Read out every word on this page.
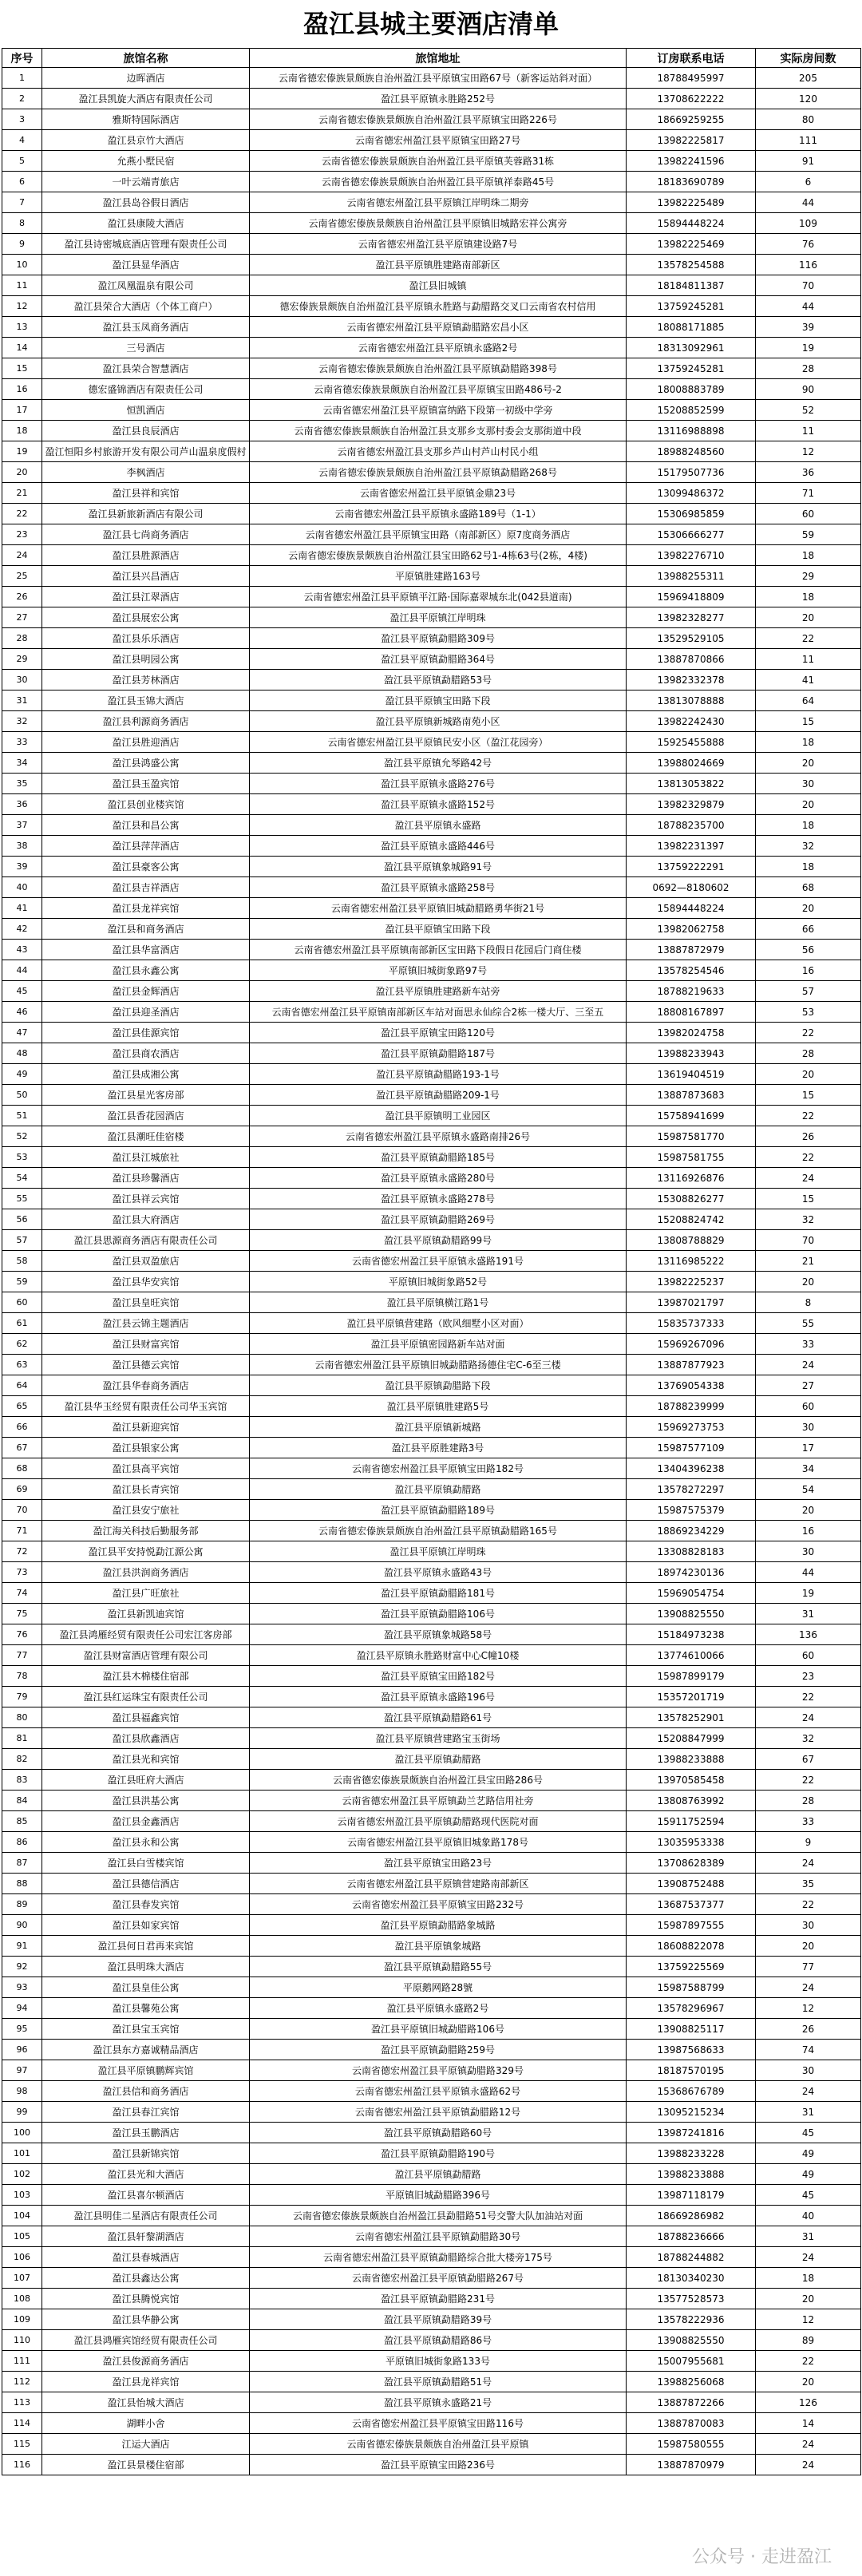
盈江县城主要酒店清单
序号	旅馆名称	旅馆地址	订房联系电话	实际房间数
1	边晖酒店	云南省德宏傣族景颇族自治州盈江县平原镇宝田路67号（新客运站斜对面）	18788495997	205
2	盈江县凯旋大酒店有限责任公司	盈江县平原镇永胜路252号	13708622222	120
3	雅斯特国际酒店	云南省德宏傣族景颇族自治州盈江县平原镇宝田路226号	18669259255	80
4	盈江县京竹大酒店	云南省德宏州盈江县平原镇宝田路27号	13982225817	111
5	允燕小墅民宿	云南省德宏傣族景颇族自治州盈江县平原镇芙蓉路31栋	13982241596	91
6	一叶云端青旅店	云南省德宏傣族景颇族自治州盈江县平原镇祥泰路45号	18183690789	6
7	盈江县岛谷假日酒店	云南省德宏州盈江县平原镇江岸明珠二期旁	13982225489	44
8	盈江县康陵大酒店	云南省德宏傣族景颇族自治州盈江县平原镇旧城路宏祥公寓旁	15894448224	109
9	盈江县诗密城底酒店管理有限责任公司	云南省德宏州盈江县平原镇建设路7号	13982225469	76
10	盈江县显华酒店	盈江县平原镇胜建路南部新区	13578254588	116
11	盈江凤凰温泉有限公司	盈江县旧城镇	18184811387	70
12	盈江县荣合大酒店（个体工商户）	德宏傣族景颇族自治州盈江县平原镇永胜路与勐腊路交叉口云南省农村信用	13759245281	44
13	盈江县玉凤商务酒店	云南省德宏州盈江县平原镇勐腊路宏昌小区	18088171885	39
14	三号酒店	云南省德宏州盈江县平原镇永盛路2号	18313092961	19
15	盈江县荣合智慧酒店	云南省德宏傣族景颇族自治州盈江县平原镇勐腊路398号	13759245281	28
16	德宏盛锦酒店有限责任公司	云南省德宏傣族景颇族自治州盈江县平原镇宝田路486号-2	18008883789	90
17	恒凯酒店	云南省德宏州盈江县平原镇富纳路下段第一初级中学旁	15208852599	52
18	盈江县良辰酒店	云南省德宏傣族景颇族自治州盈江县支那乡支那村委会支那街道中段	13116988898	11
19	盈江恒阳乡村旅游开发有限公司芦山温泉度假村	云南省德宏州盈江县支那乡芦山村芦山村民小组	18988248560	12
20	李枫酒店	云南省德宏傣族景颇族自治州盈江县平原镇勐腊路268号	15179507736	36
21	盈江县祥和宾馆	云南省德宏州盈江县平原镇金鼎23号	13099486372	71
22	盈江县新旅新酒店有限公司	云南省德宏州盈江县平原镇永盛路189号（1-1）	15306985859	60
23	盈江县七尚商务酒店	云南省德宏州盈江县平原镇宝田路（南部新区）原7度商务酒店	15306666277	59
24	盈江县胜源酒店	云南省德宏傣族景颇族自治州盈江县宝田路62号1-4栋63号(2栋，4楼)	13982276710	18
25	盈江县兴昌酒店	平原镇胜建路163号	13988255311	29
26	盈江县江翠酒店	云南省德宏州盈江县平原镇平江路·国际嘉翠城东北(042县道南)	15969418809	18
27	盈江县展宏公寓	盈江县平原镇江岸明珠	13982328277	20
28	盈江县乐乐酒店	盈江县平原镇勐腊路309号	13529529105	22
29	盈江县明园公寓	盈江县平原镇勐腊路364号	13887870866	11
30	盈江县芳林酒店	盈江县平原镇勐腊路53号	13982332378	41
31	盈江县玉锦大酒店	盈江县平原镇宝田路下段	13813078888	64
32	盈江县利源商务酒店	盈江县平原镇新城路南苑小区	13982242430	15
33	盈江县胜迎酒店	云南省德宏州盈江县平原镇民安小区（盈江花园旁）	15925455888	18
34	盈江县鸿盛公寓	盈江县平原镇允琴路42号	13988024669	20
35	盈江县玉盈宾馆	盈江县平原镇永盛路276号	13813053822	30
36	盈江县创业楼宾馆	盈江县平原镇永盛路152号	13982329879	20
37	盈江县和昌公寓	盈江县平原镇永盛路	18788235700	18
38	盈江县萍萍酒店	盈江县平原镇永盛路446号	13982231397	32
39	盈江县豪客公寓	盈江县平原镇象城路91号	13759222291	18
40	盈江县吉祥酒店	盈江县平原镇永盛路258号	0692—8180602	68
41	盈江县龙祥宾馆	云南省德宏州盈江县平原镇旧城勐腊路勇华街21号	15894448224	20
42	盈江县和商务酒店	盈江县平原镇宝田路下段	13982062758	66
43	盈江县华富酒店	云南省德宏州盈江县平原镇南部新区宝田路下段假日花园后门商住楼	13887872979	56
44	盈江县永鑫公寓	平原镇旧城街象路97号	13578254546	16
45	盈江县金辉酒店	盈江县平原镇胜建路新车站旁	18788219633	57
46	盈江县迎圣酒店	云南省德宏州盈江县平原镇南部新区车站对面思永仙综合2栋一楼大厅、三至五	18808167897	53
47	盈江县佳源宾馆	盈江县平原镇宝田路120号	13982024758	22
48	盈江县商农酒店	盈江县平原镇勐腊路187号	13988233943	28
49	盈江县成湘公寓	盈江县平原镇勐腊路193-1号	13619404519	20
50	盈江县星光客房部	盈江县平原镇勐腊路209-1号	13887873683	15
51	盈江县香花园酒店	盈江县平原镇明工业园区	15758941699	22
52	盈江县潮旺佳宿楼	云南省德宏州盈江县平原镇永盛路南排26号	15987581770	26
53	盈江县江城旅社	盈江县平原镇勐腊路185号	15987581755	22
54	盈江县珍馨酒店	盈江县平原镇永盛路280号	13116926876	24
55	盈江县祥云宾馆	盈江县平原镇永盛路278号	15308826277	15
56	盈江县大府酒店	盈江县平原镇勐腊路269号	15208824742	32
57	盈江县思源商务酒店有限责任公司	盈江县平原镇勐腊路99号	13808788829	70
58	盈江县双盈旅店	云南省德宏州盈江县平原镇永盛路191号	13116985222	21
59	盈江县华安宾馆	平原镇旧城街象路52号	13982225237	20
60	盈江县皇旺宾馆	盈江县平原镇横江路1号	13987021797	8
61	盈江县云锦主题酒店	盈江县平原镇营建路（欧风细墅小区对面）	15835737333	55
62	盈江县财富宾馆	盈江县平原镇密园路新车站对面	15969267096	33
63	盈江县德云宾馆	云南省德宏州盈江县平原镇旧城勐腊路扬德住宅C-6至三楼	13887877923	24
64	盈江县华春商务酒店	盈江县平原镇勐腊路下段	13769054338	27
65	盈江县华玉经贸有限责任公司华玉宾馆	盈江县平原镇胜建路5号	18788239999	60
66	盈江县新迎宾馆	盈江县平原镇新城路	15969273753	30
67	盈江县银家公寓	盈江县平原胜建路3号	15987577109	17
68	盈江县高平宾馆	云南省德宏州盈江县平原镇宝田路182号	13404396238	34
69	盈江县长青宾馆	盈江县平原镇勐腊路	13578272297	54
70	盈江县安宁旅社	盈江县平原镇勐腊路189号	15987575379	20
71	盈江海关科技后勤服务部	云南省德宏傣族景颇族自治州盈江县平原镇勐腊路165号	18869234229	16
72	盈江县平安持悦勐江源公寓	盈江县平原镇江岸明珠	13308828183	30
73	盈江县洪润商务酒店	盈江县平原镇永盛路43号	18974230136	44
74	盈江县广旺旅社	盈江县平原镇勐腊路181号	15969054754	19
75	盈江县新凯迪宾馆	盈江县平原镇勐腊路106号	13908825550	31
76	盈江县鸿雁经贸有限责任公司宏江客房部	盈江县平原镇象城路58号	15184973238	136
77	盈江县财富酒店管理有限公司	盈江县平原镇永胜路财富中心C幢10楼	13774610066	60
78	盈江县木棉楼住宿部	盈江县平原镇宝田路182号	15987899179	23
79	盈江县红运珠宝有限责任公司	盈江县平原镇永盛路196号	15357201719	22
80	盈江县福鑫宾馆	盈江县平原镇勐腊路61号	13578252901	24
81	盈江县欣鑫酒店	盈江县平原镇营建路宝玉街场	15208847999	32
82	盈江县光和宾馆	盈江县平原镇勐腊路	13988233888	67
83	盈江县旺府大酒店	云南省德宏傣族景颇族自治州盈江县宝田路286号	13970585458	22
84	盈江县洪基公寓	云南省德宏州盈江县平原镇勐兰艺路信用社旁	13808763992	28
85	盈江县金鑫酒店	云南省德宏州盈江县平原镇勐腊路现代医院对面	15911752594	33
86	盈江县永和公寓	云南省德宏州盈江县平原镇旧城象路178号	13035953338	9
87	盈江县白雪楼宾馆	盈江县平原镇宝田路23号	13708628389	24
88	盈江县德信酒店	云南省德宏州盈江县平原镇营建路南部新区	13908752488	35
89	盈江县春发宾馆	云南省德宏州盈江县平原镇宝田路232号	13687537377	22
90	盈江县如家宾馆	盈江县平原镇勐腊路象城路	15987897555	30
91	盈江县何日君再来宾馆	盈江县平原镇象城路	18608822078	20
92	盈江县明珠大酒店	盈江县平原镇勐腊路55号	13759225569	77
93	盈江县皇佳公寓	平原鹅网路28號	15987588799	24
94	盈江县馨苑公寓	盈江县平原镇永盛路2号	13578296967	12
95	盈江县宝玉宾馆	盈江县平原镇旧城勐腊路106号	13908825117	26
96	盈江县东方嘉诚精品酒店	盈江县平原镇勐腊路259号	13987568633	74
97	盈江县平原镇鹏辉宾馆	云南省德宏州盈江县平原镇勐腊路329号	18187570195	30
98	盈江县信和商务酒店	云南省德宏州盈江县平原镇永盛路62号	15368676789	24
99	盈江县春江宾馆	云南省德宏州盈江县平原镇勐腊路12号	13095215234	31
100	盈江县玉鹏酒店	盈江县平原镇勐腊路60号	13987241816	45
101	盈江县新锦宾馆	盈江县平原镇勐腊路190号	13988233228	49
102	盈江县光和大酒店	盈江县平原镇勐腊路	13988233888	49
103	盈江县喜尔顿酒店	平原镇旧城勐腊路396号	13987118179	45
104	盈江县明佳二星酒店有限责任公司	云南省德宏傣族景颇族自治州盈江县勐腊路51号交警大队加油站对面	18669286982	40
105	盈江县轩黎湖酒店	云南省德宏州盈江县平原镇勐腊路30号	18788236666	31
106	盈江县春城酒店	云南省德宏州盈江县平原镇勐腊路综合批大楼旁175号	18788244882	24
107	盈江县鑫达公寓	云南省德宏州盈江县平原镇勐腊路267号	18130340230	18
108	盈江县腾悦宾馆	盈江县平原镇勐腊路231号	13577528573	20
109	盈江县华静公寓	盈江县平原镇勐腊路39号	13578222936	12
110	盈江县鸿雁宾馆经贸有限责任公司	盈江县平原镇勐腊路86号	13908825550	89
111	盈江县俊源商务酒店	平原镇旧城街象路133号	15007955681	22
112	盈江县龙祥宾馆	盈江县平原镇勐腊路51号	13988256068	20
113	盈江县怡城大酒店	盈江县平原镇永盛路21号	13887872266	126
114	湖畔小舍	云南省德宏州盈江县平原镇宝田路116号	13887870083	14
115	江运大酒店	云南省德宏傣族景颇族自治州盈江县平原镇	15987580555	24
116	盈江县景楼住宿部	盈江县平原镇宝田路236号	13887870979	24
公众号 · 走进盈江
